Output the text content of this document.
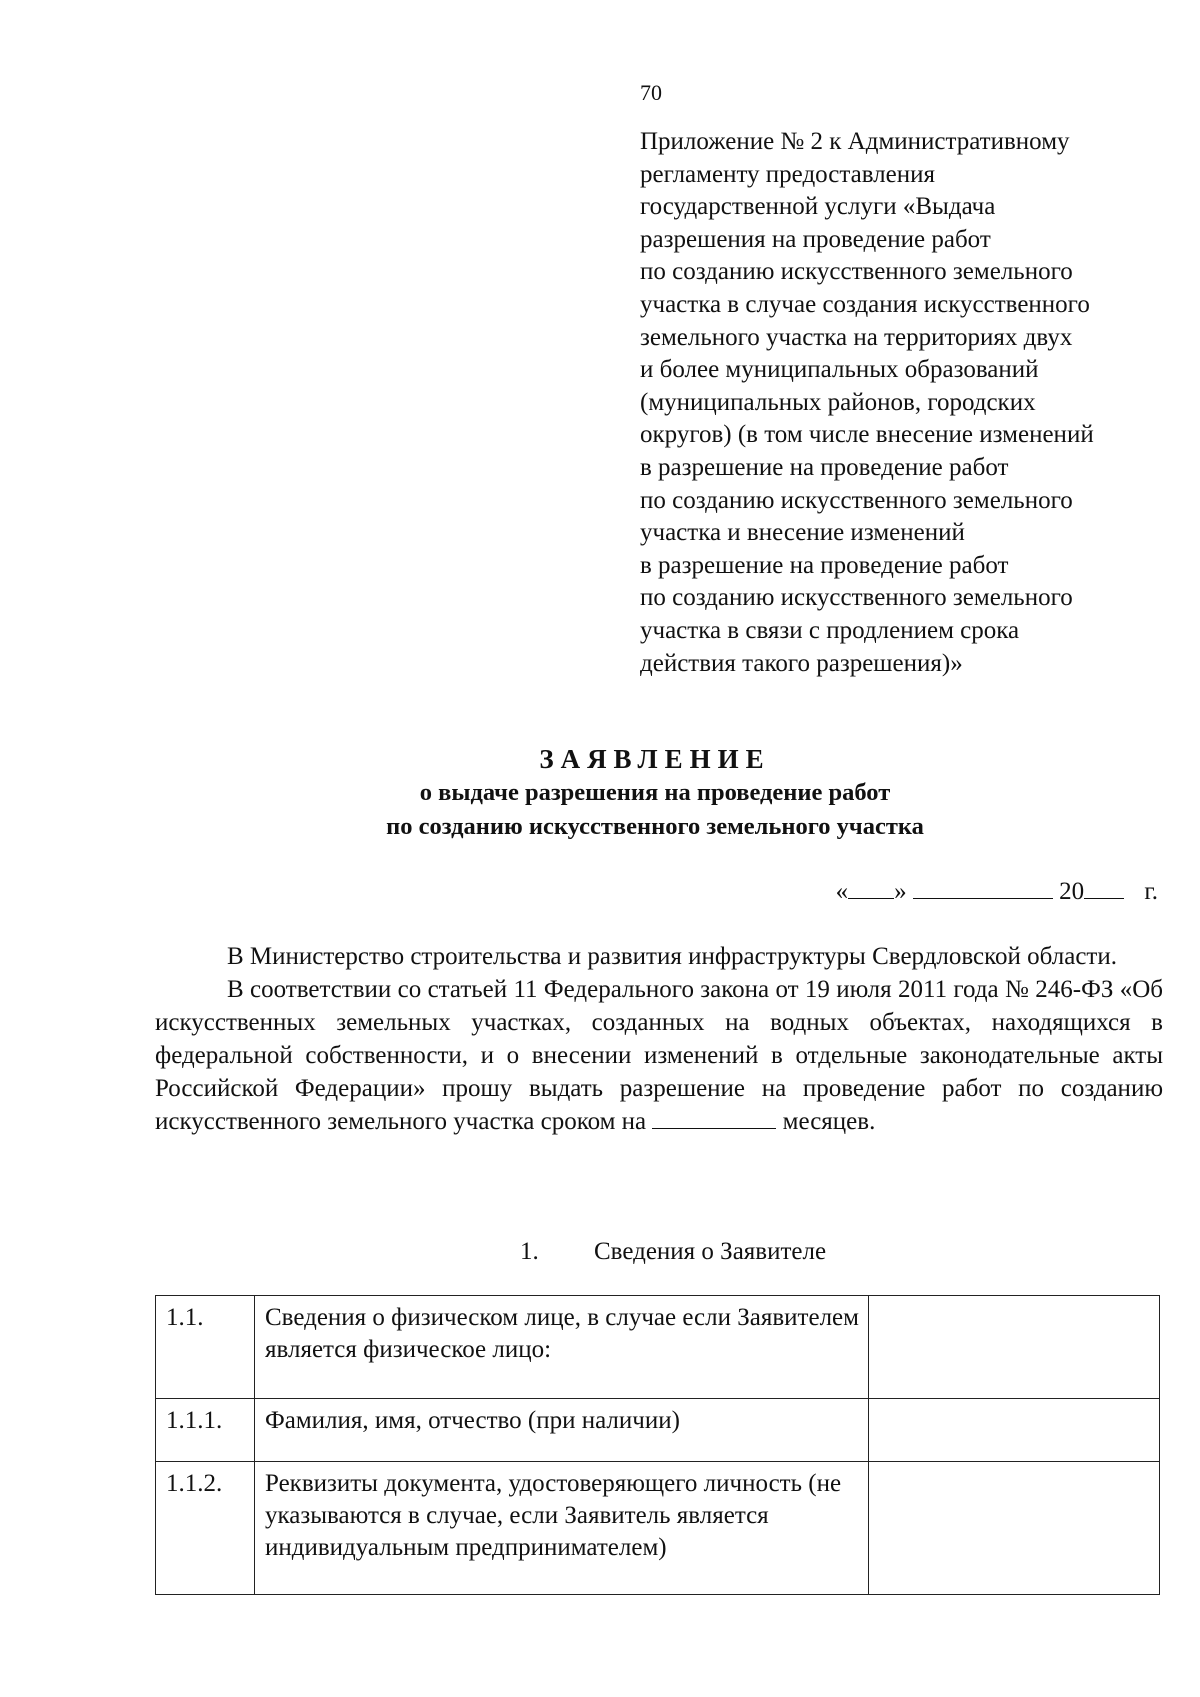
70
Приложение № 2 к Административному
регламенту предоставления
государственной услуги «Выдача
разрешения на проведение работ
по созданию искусственного земельного
участка в случае создания искусственного
земельного участка на территориях двух
и более муниципальных образований
(муниципальных районов, городских
округов) (в том числе внесение изменений
в разрешение на проведение работ
по созданию искусственного земельного
участка и внесение изменений
в разрешение на проведение работ
по созданию искусственного земельного
участка в связи с продлением срока
действия такого разрешения)»
ЗАЯВЛЕНИЕ
о выдаче разрешения на проведение работ
по созданию искусственного земельного участка
« »	20 г.

В Министерство строительства и развития инфраструктуры Свердловской области.

В соответствии со статьей 11 Федерального закона от 19 июля 2011 года № 246-ФЗ «Об искусственных земельных участках, созданных на водных объектах, находящихся в федеральной собственности, и о внесении изменений в отдельные законодательные акты Российской Федерации» прошу выдать разрешение на проведение работ по созданию искусственного земельного участка сроком на	месяцев.

1. Сведения о Заявителе
1.1.	Сведения о физическом лице, в случае если Заявителем является физическое лицо:	
1.1.1.	Фамилия, имя, отчество (при наличии)	
1.1.2.	Реквизиты документа, удостоверяющего личность (не указываются в случае, если Заявитель является индивидуальным предпринимателем)	
